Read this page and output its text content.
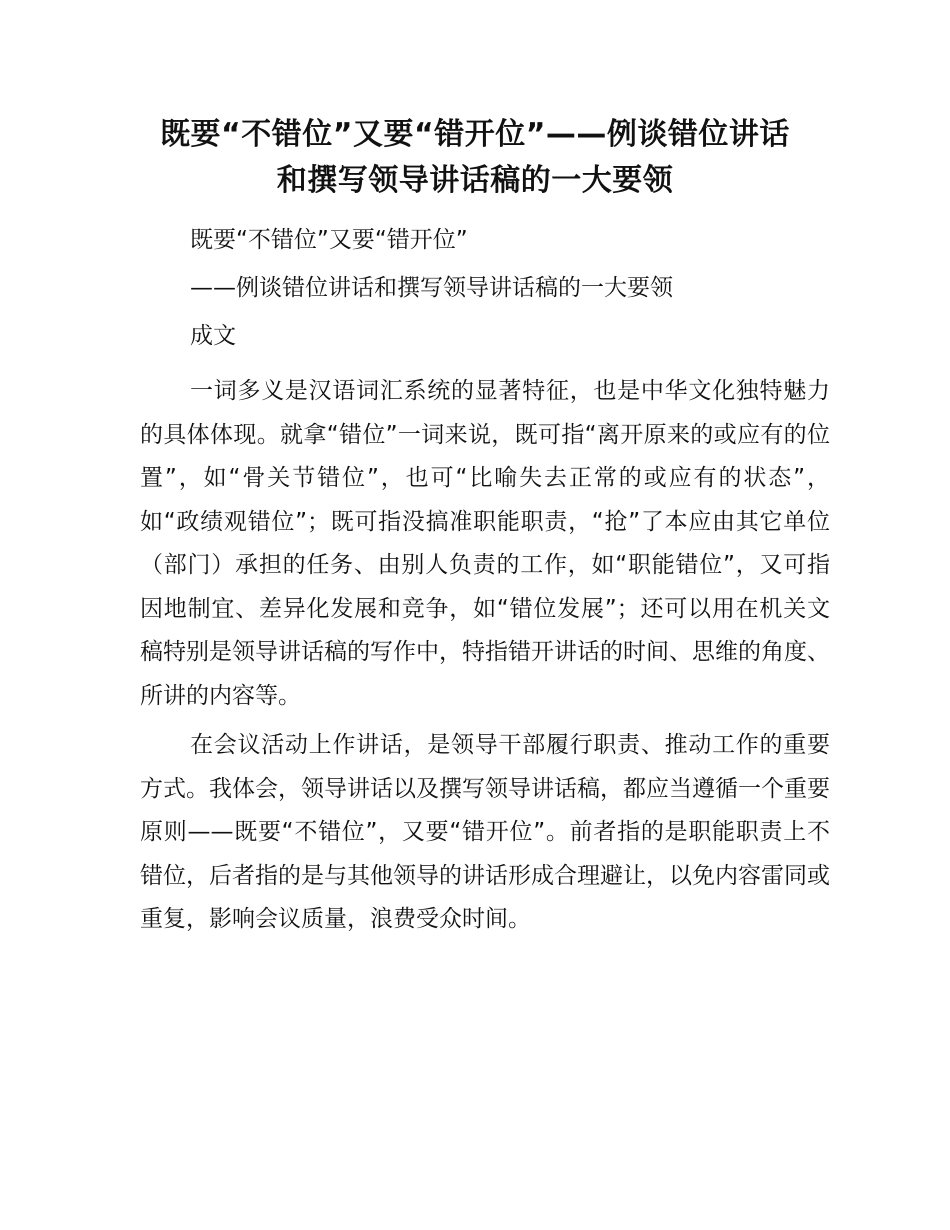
既要“不错位”又要“错开位”——例谈错位讲话
和撰写领导讲话稿的一大要领

既要“不错位”又要“错开位”

——例谈错位讲话和撰写领导讲话稿的一大要领

成文

一词多义是汉语词汇系统的显著特征，也是中华文化独特魅力的具体体现。就拿“错位”一词来说，既可指“离开原来的或应有的位置”，如“骨关节错位”，也可“比喻失去正常的或应有的状态”，如“政绩观错位”；既可指没搞准职能职责，“抢”了本应由其它单位（部门）承担的任务、由别人负责的工作，如“职能错位”，又可指因地制宜、差异化发展和竞争，如“错位发展”；还可以用在机关文稿特别是领导讲话稿的写作中，特指错开讲话的时间、思维的角度、所讲的内容等。

在会议活动上作讲话，是领导干部履行职责、推动工作的重要方式。我体会，领导讲话以及撰写领导讲话稿，都应当遵循一个重要原则——既要“不错位”，又要“错开位”。前者指的是职能职责上不错位，后者指的是与其他领导的讲话形成合理避让，以免内容雷同或重复，影响会议质量，浪费受众时间。
